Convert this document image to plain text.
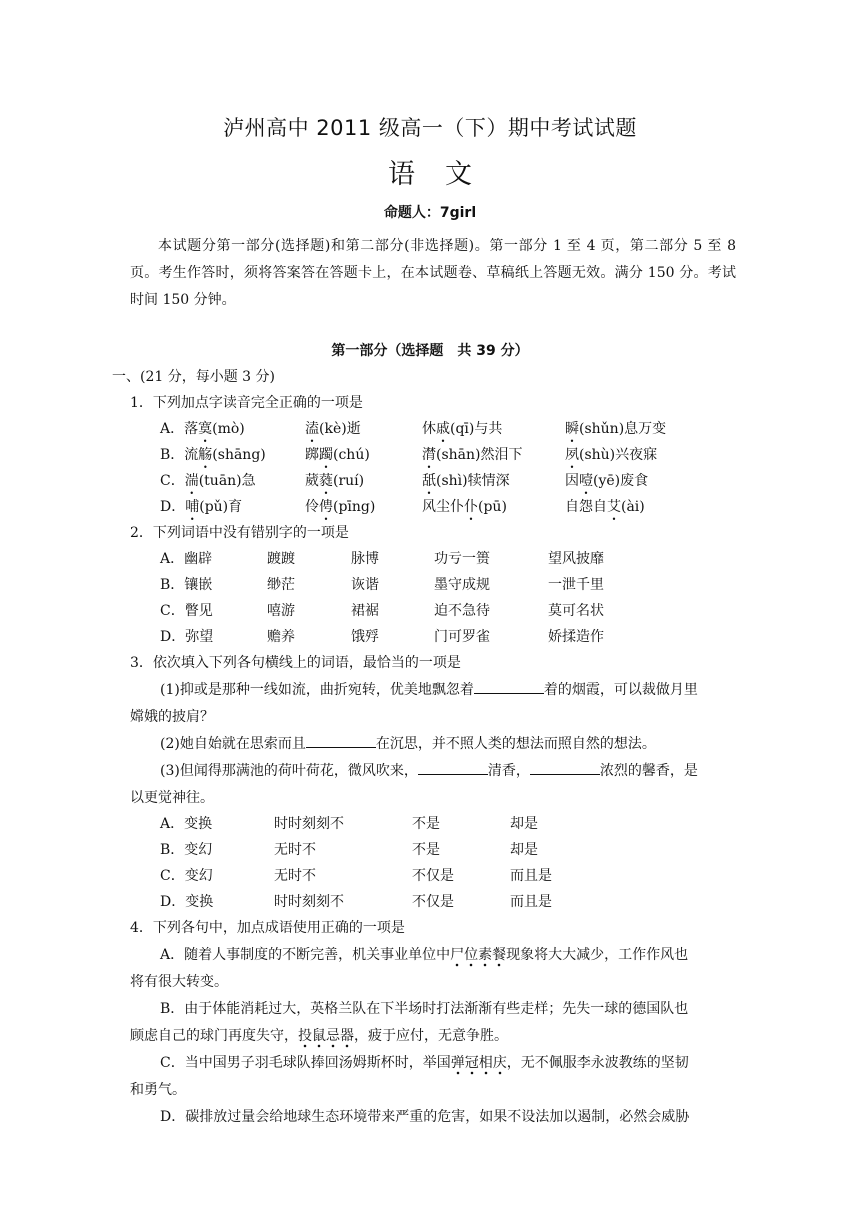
泸州高中 2011 级高一（下）期中考试试题
语文
命题人：7girl
本试题分第一部分(选择题)和第二部分(非选择题)。第一部分 1 至 4 页，第二部分 5 至 8 页。考生作答时，须将答案答在答题卡上，在本试题卷、草稿纸上答题无效。满分 150 分。考试时间 150 分钟。
第一部分（选择题　共 39 分）
一、(21 分，每小题 3 分)
1．下列加点字读音完全正确的一项是
A．落寞(mò)	溘(kè)逝	休戚(qī)与共	瞬(shǔn)息万变
B．流觞(shāng)	踯躅(chú)	潸(shān)然泪下	夙(shù)兴夜寐
C．湍(tuān)急	葳蕤(ruí)	舐(shì)犊情深	因噎(yē)废食
D．哺(pǔ)育	伶俜(pīng)	风尘仆仆(pū)	自怨自艾(ài)
2．下列词语中没有错别字的一项是
A．幽辟	踱踱	脉博	功亏一篑	望风披靡
B．镶嵌	缈茫	诙谐	墨守成规	一泄千里
C．瞥见	嘻游	裙裾	迫不急待	莫可名状
D．弥望	赡养	饿殍	门可罗雀	娇揉造作
3．依次填入下列各句横线上的词语，最恰当的一项是
(1)抑或是那种一线如流，曲折宛转，优美地飘忽着	着的烟霞，可以裁做月里
嫦娥的披肩？
(2)她自始就在思索而且	在沉思，并不照人类的想法而照自然的想法。
(3)但闻得那满池的荷叶荷花，微风吹来，	清香，	浓烈的馨香，是
以更觉神往。
A．变换	时时刻刻不	不是	却是
B．变幻	无时不	不是	却是
C．变幻	无时不	不仅是	而且是
D．变换	时时刻刻不	不仅是	而且是
4．下列各句中，加点成语使用正确的一项是
A．随着人事制度的不断完善，机关事业单位中尸位素餐现象将大大减少，工作作风也
将有很大转变。
B．由于体能消耗过大，英格兰队在下半场时打法渐渐有些走样；先失一球的德国队也
顾虑自己的球门再度失守，投鼠忌器，疲于应付，无意争胜。
C．当中国男子羽毛球队捧回汤姆斯杯时，举国弹冠相庆，无不佩服李永波教练的坚韧
和勇气。
D．碳排放过量会给地球生态环境带来严重的危害，如果不设法加以遏制，必然会威胁
